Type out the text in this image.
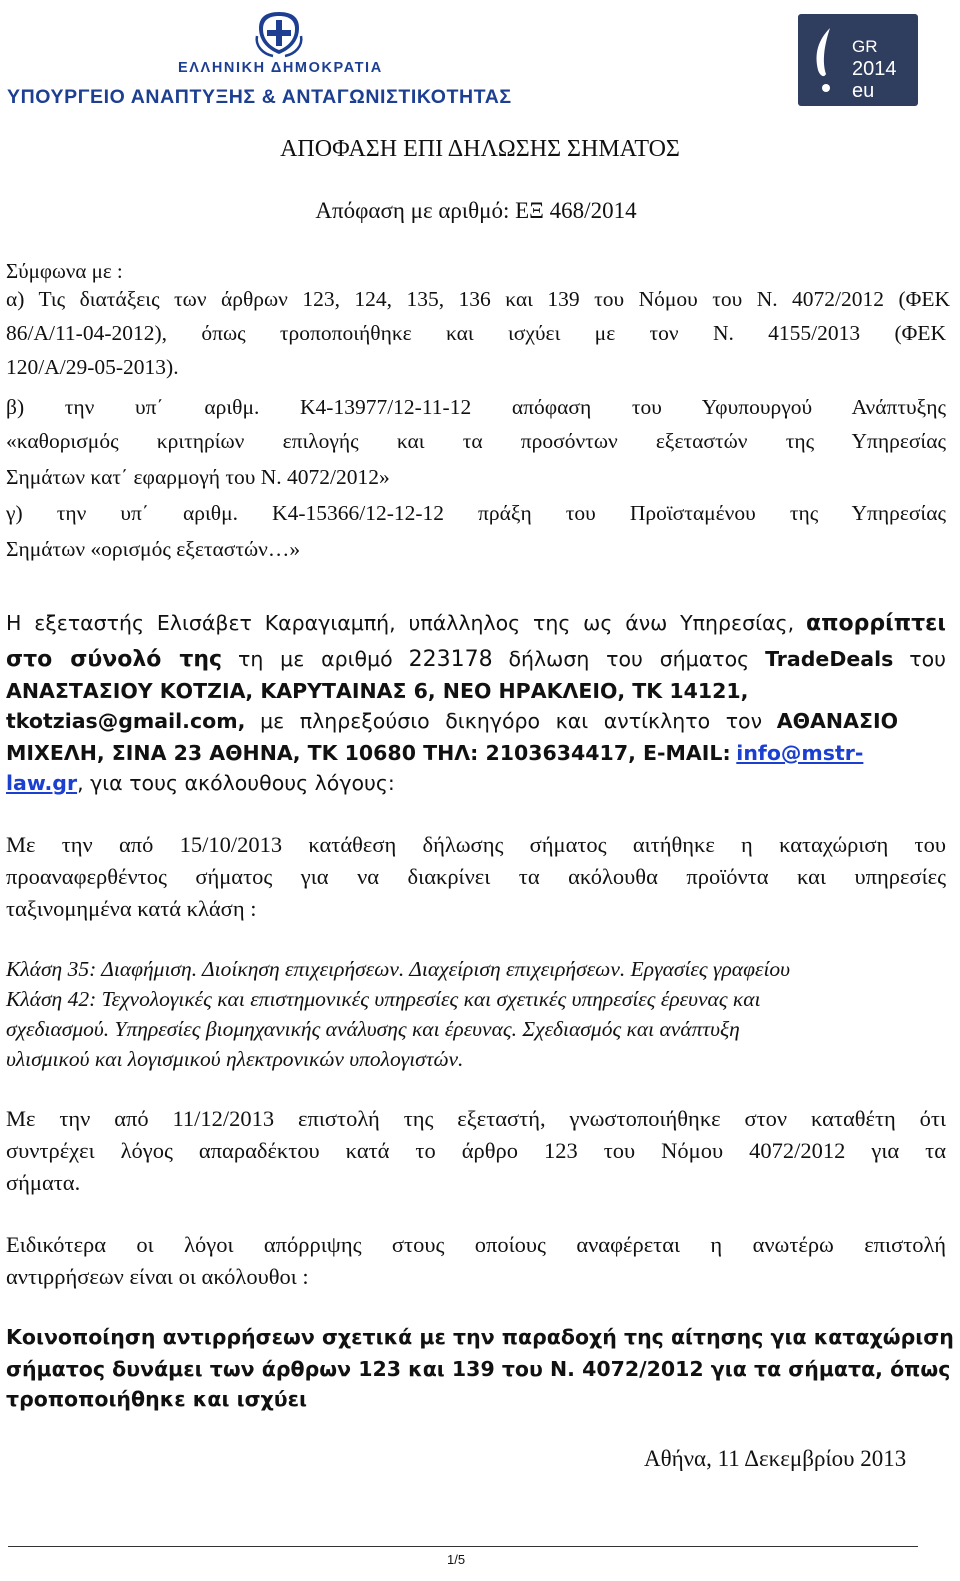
ΕΛΛΗΝΙΚΗ ΔΗΜΟΚΡΑΤΙΑ
ΥΠΟΥΡΓΕΙΟ ΑΝΑΠΤΥΞΗΣ & ΑΝΤΑΓΩΝΙΣΤΙΚΟΤΗΤΑΣ
GR
2014
eu
ΑΠΟΦΑΣΗ ΕΠΙ ΔΗΛΩΣΗΣ ΣΗΜΑΤΟΣ
Απόφαση με αριθμό: ΕΞ 468/2014
Σύμφωνα με :
α) Τις διατάξεις των άρθρων 123, 124, 135, 136 και 139 του Νόμου του Ν. 4072/2012 (ΦΕΚ
86/Α/11-04-2012), όπως τροποποιήθηκε και ισχύει με τον Ν. 4155/2013 (ΦΕΚ
120/Α/29-05-2013).
β) την υπ΄ αριθμ. Κ4-13977/12-11-12 απόφαση του Υφυπουργού Ανάπτυξης
«καθορισμός κριτηρίων επιλογής και τα προσόντων εξεταστών της Υπηρεσίας
Σημάτων κατ΄ εφαρμογή του Ν. 4072/2012»
γ) την υπ΄ αριθμ. Κ4-15366/12-12-12 πράξη του Προϊσταμένου της Υπηρεσίας
Σημάτων «ορισμός εξεταστών…»
Η εξεταστής Ελισάβετ Καραγιαμπή, υπάλληλος της ως άνω Υπηρεσίας, απορρίπτει
στο σύνολό της τη με αριθμό 223178 δήλωση του σήματος TradeDeals του
ΑΝΑΣΤΑΣΙΟΥ ΚΟΤΖΙΑ, ΚΑΡΥΤΑΙΝΑΣ 6, ΝΕΟ ΗΡΑΚΛΕΙΟ, ΤΚ 14121,
tkotzias@gmail.com, με πληρεξούσιο δικηγόρο και αντίκλητο τον ΑΘΑΝΑΣΙΟ
ΜΙΧΕΛΗ, ΣΙΝΑ 23 ΑΘΗΝΑ, ΤΚ 10680 ΤΗΛ: 2103634417, E-MAIL: info@mstr-
law.gr, για τους ακόλουθους λόγους:
Με την από 15/10/2013 κατάθεση δήλωσης σήματος αιτήθηκε η καταχώριση του
προαναφερθέντος σήματος για να διακρίνει τα ακόλουθα προϊόντα και υπηρεσίες
ταξινομημένα κατά κλάση :
Κλάση 35: Διαφήμιση. Διοίκηση επιχειρήσεων. Διαχείριση επιχειρήσεων. Εργασίες γραφείου
Κλάση 42: Τεχνολογικές και επιστημονικές υπηρεσίες και σχετικές υπηρεσίες έρευνας και
σχεδιασμού. Υπηρεσίες βιομηχανικής ανάλυσης και έρευνας. Σχεδιασμός και ανάπτυξη
υλισμικού και λογισμικού ηλεκτρονικών υπολογιστών.
Με την από 11/12/2013 επιστολή της εξεταστή, γνωστοποιήθηκε στον καταθέτη ότι
συντρέχει λόγος απαραδέκτου κατά το άρθρο 123 του Νόμου 4072/2012 για τα
σήματα.
Ειδικότερα οι λόγοι απόρριψης στους οποίους αναφέρεται η ανωτέρω επιστολή
αντιρρήσεων είναι οι ακόλουθοι :
Κοινοποίηση αντιρρήσεων σχετικά με την παραδοχή της αίτησης για καταχώριση
σήματος δυνάμει των άρθρων 123 και 139 του Ν. 4072/2012 για τα σήματα, όπως
τροποποιήθηκε και ισχύει
Αθήνα, 11 Δεκεμβρίου 2013
1/5
